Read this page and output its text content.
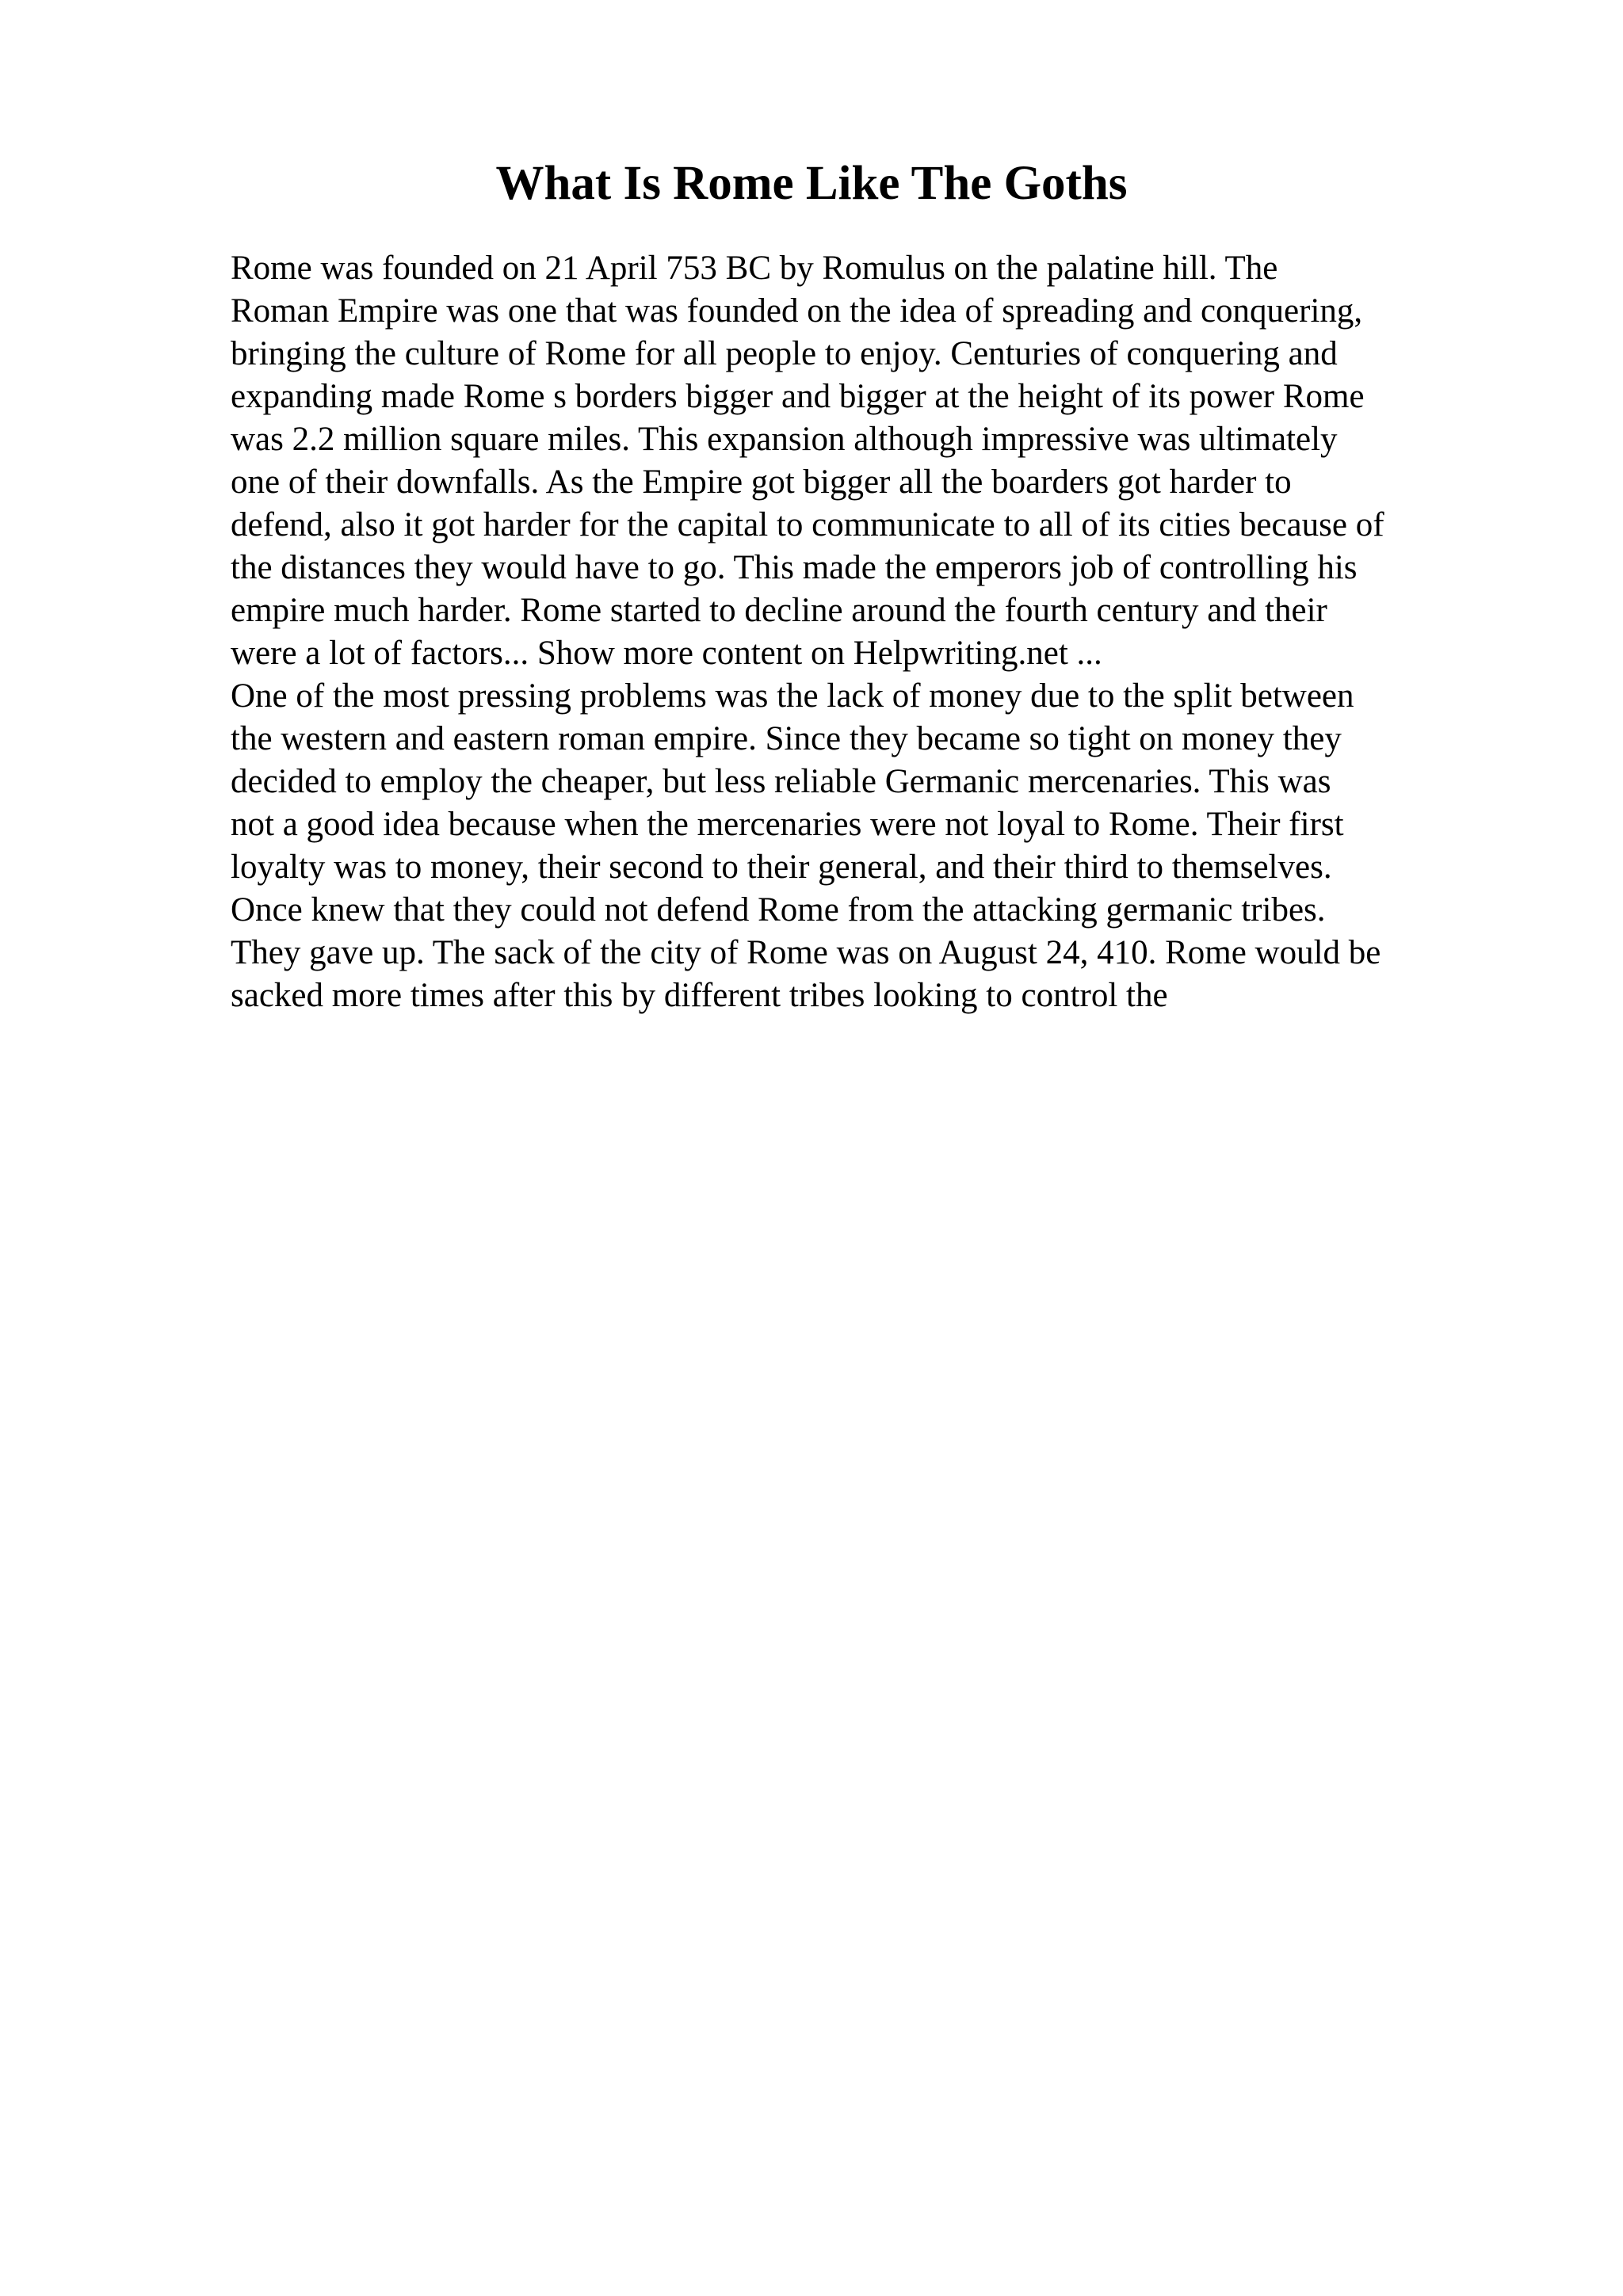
What Is Rome Like The Goths
Rome was founded on 21 April 753 BC by Romulus on the palatine hill. The
Roman Empire was one that was founded on the idea of spreading and conquering,
bringing the culture of Rome for all people to enjoy. Centuries of conquering and
expanding made Rome s borders bigger and bigger at the height of its power Rome
was 2.2 million square miles. This expansion although impressive was ultimately
one of their downfalls. As the Empire got bigger all the boarders got harder to
defend, also it got harder for the capital to communicate to all of its cities because of
the distances they would have to go. This made the emperors job of controlling his
empire much harder. Rome started to decline around the fourth century and their
were a lot of factors... Show more content on Helpwriting.net ...
One of the most pressing problems was the lack of money due to the split between
the western and eastern roman empire. Since they became so tight on money they
decided to employ the cheaper, but less reliable Germanic mercenaries. This was
not a good idea because when the mercenaries were not loyal to Rome. Their first
loyalty was to money, their second to their general, and their third to themselves.
Once knew that they could not defend Rome from the attacking germanic tribes.
They gave up. The sack of the city of Rome was on August 24, 410. Rome would be
sacked more times after this by different tribes looking to control the
